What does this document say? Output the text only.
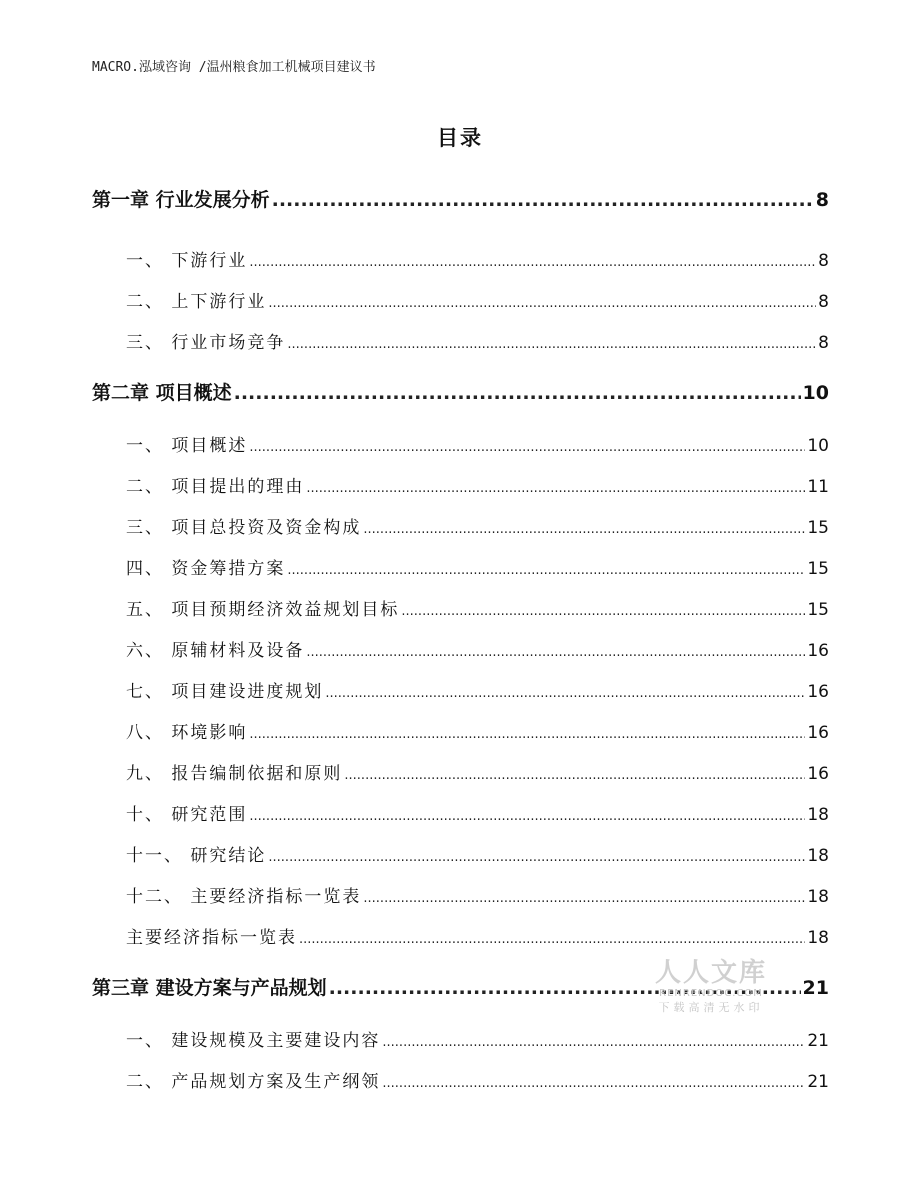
MACRO.泓域咨询 /温州粮食加工机械项目建议书
目录
第一章 行业发展分析 .....	8
一、 下游行业 .....	8
二、 上下游行业 .....	8
三、 行业市场竞争 .....	8
第二章 项目概述 .....	10
一、 项目概述 .....	10
二、 项目提出的理由 .....	11
三、 项目总投资及资金构成 .....	15
四、 资金筹措方案 .....	15
五、 项目预期经济效益规划目标 .....	15
六、 原辅材料及设备 .....	16
七、 项目建设进度规划 .....	16
八、 环境影响 .....	16
九、 报告编制依据和原则 .....	16
十、 研究范围 .....	18
十一、 研究结论 .....	18
十二、 主要经济指标一览表 .....	18
主要经济指标一览表 .....	18
第三章 建设方案与产品规划 .....	21
一、 建设规模及主要建设内容 .....	21
二、 产品规划方案及生产纲领 .....	21
人人文库
RENRENDOC.COM
下载高清无水印
